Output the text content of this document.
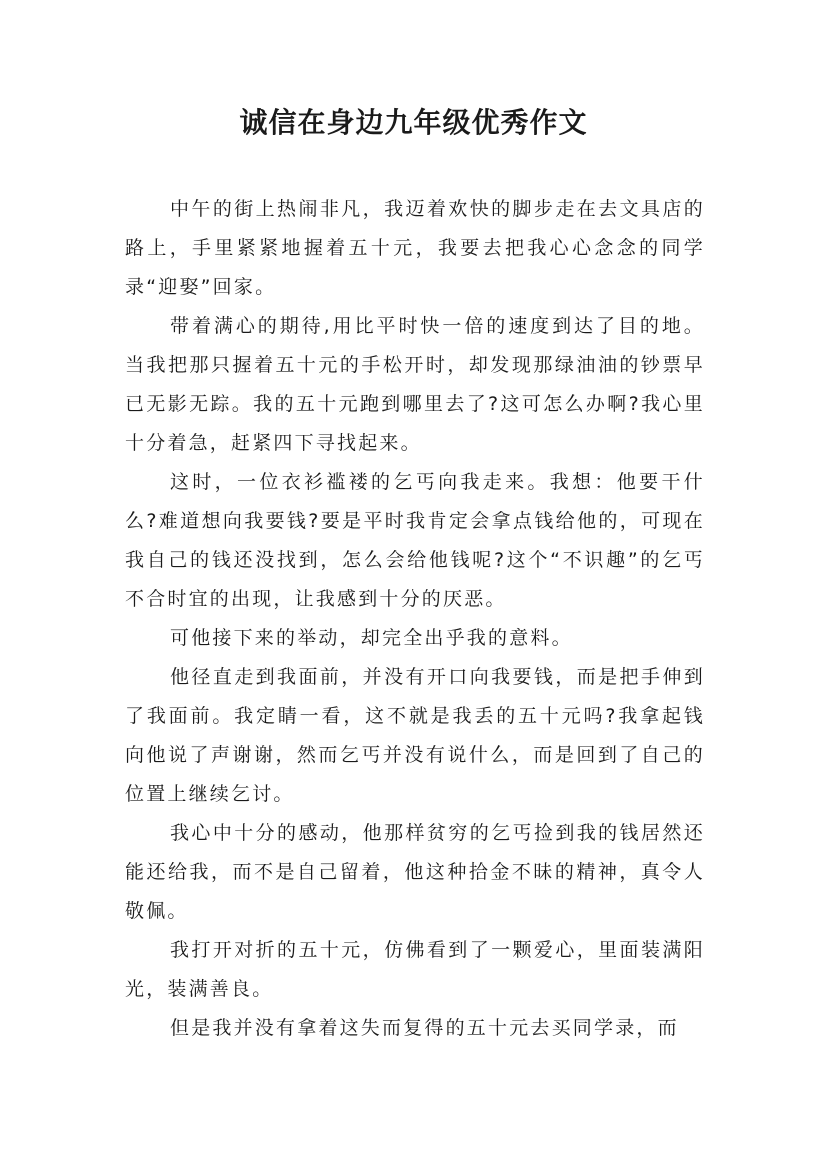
诚信在身边九年级优秀作文

中午的街上热闹非凡，我迈着欢快的脚步走在去文具店的路上，手里紧紧地握着五十元，我要去把我心心念念的同学录“迎娶”回家。

带着满心的期待,用比平时快一倍的速度到达了目的地。当我把那只握着五十元的手松开时，却发现那绿油油的钞票早已无影无踪。我的五十元跑到哪里去了?这可怎么办啊?我心里十分着急，赶紧四下寻找起来。

这时，一位衣衫褴褛的乞丐向我走来。我想：他要干什么?难道想向我要钱?要是平时我肯定会拿点钱给他的，可现在我自己的钱还没找到，怎么会给他钱呢?这个“不识趣”的乞丐不合时宜的出现，让我感到十分的厌恶。

可他接下来的举动，却完全出乎我的意料。

他径直走到我面前，并没有开口向我要钱，而是把手伸到了我面前。我定睛一看，这不就是我丢的五十元吗?我拿起钱向他说了声谢谢，然而乞丐并没有说什么，而是回到了自己的位置上继续乞讨。

我心中十分的感动，他那样贫穷的乞丐捡到我的钱居然还能还给我，而不是自己留着，他这种拾金不昧的精神，真令人敬佩。

我打开对折的五十元，仿佛看到了一颗爱心，里面装满阳光，装满善良。

但是我并没有拿着这失而复得的五十元去买同学录，而
